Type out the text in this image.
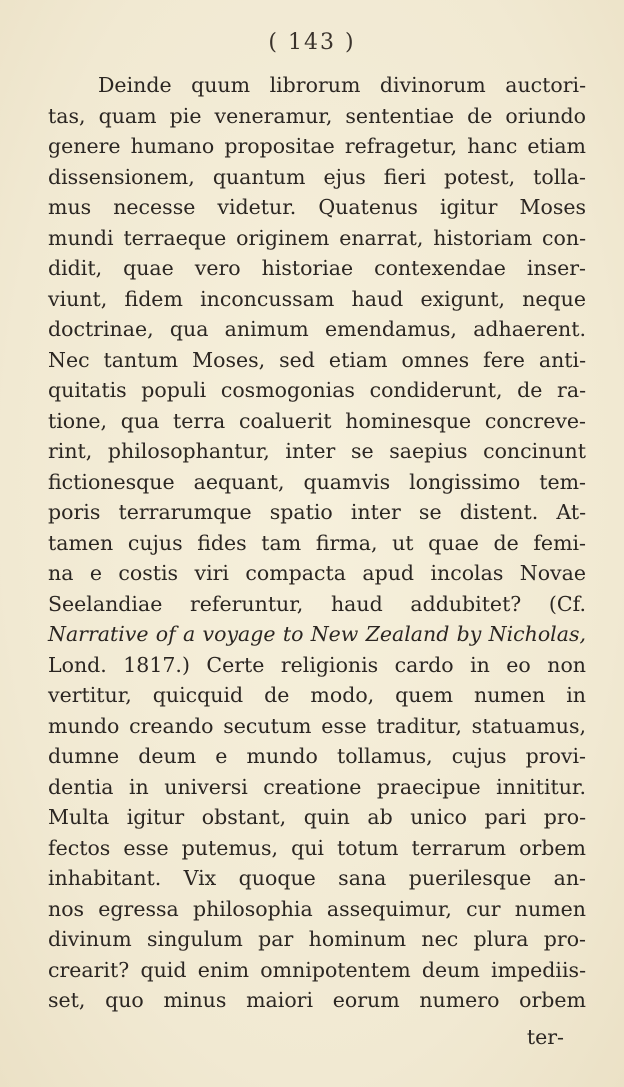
( 143 )
Deinde quum librorum divinorum auctori-
tas, quam pie veneramur, sententiae de oriundo
genere humano propositae refragetur, hanc etiam
dissensionem, quantum ejus fieri potest, tolla-
mus necesse videtur. Quatenus igitur Moses
mundi terraeque originem enarrat, historiam con-
didit, quae vero historiae contexendae inser-
viunt, fidem inconcussam haud exigunt, neque
doctrinae, qua animum emendamus, adhaerent.
Nec tantum Moses, sed etiam omnes fere anti-
quitatis populi cosmogonias condiderunt, de ra-
tione, qua terra coaluerit hominesque concreve-
rint, philosophantur, inter se saepius concinunt
fictionesque aequant, quamvis longissimo tem-
poris terrarumque spatio inter se distent. At-
tamen cujus fides tam firma, ut quae de femi-
na e costis viri compacta apud incolas Novae
Seelandiae referuntur, haud addubitet? (Cf.
Narrative of a voyage to New Zealand by Nicholas,
Lond. 1817.) Certe religionis cardo in eo non
vertitur, quicquid de modo, quem numen in
mundo creando secutum esse traditur, statuamus,
dumne deum e mundo tollamus, cujus provi-
dentia in universi creatione praecipue innititur.
Multa igitur obstant, quin ab unico pari pro-
fectos esse putemus, qui totum terrarum orbem
inhabitant. Vix quoque sana puerilesque an-
nos egressa philosophia assequimur, cur numen
divinum singulum par hominum nec plura pro-
crearit? quid enim omnipotentem deum impediis-
set, quo minus maiori eorum numero orbem
ter-
